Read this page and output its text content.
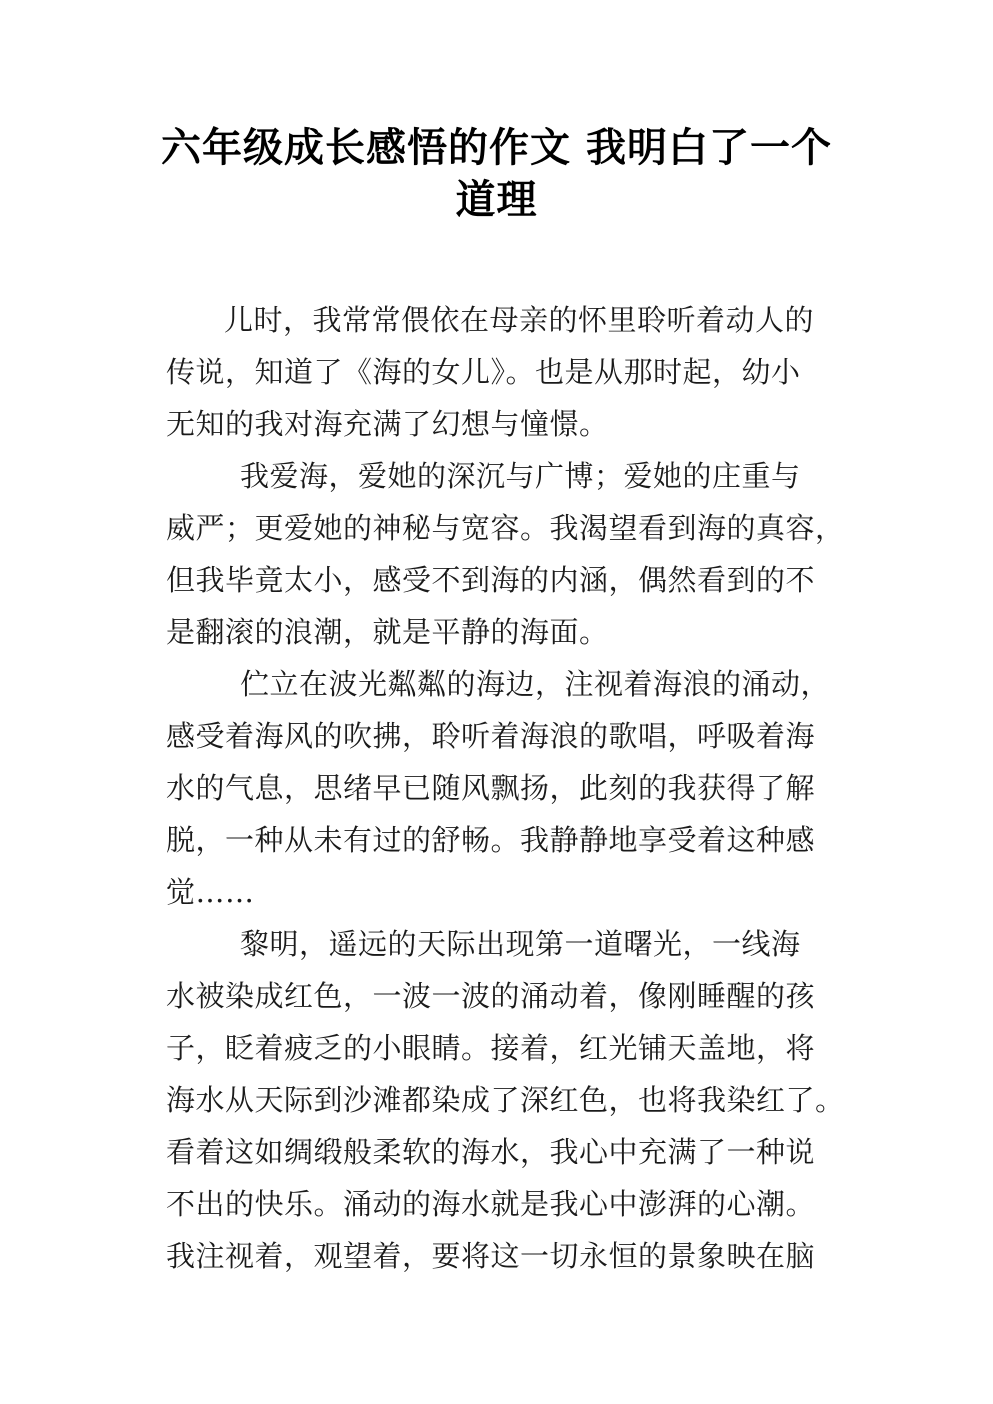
六年级成长感悟的作文 我明白了一个
道理
儿时，我常常偎依在母亲的怀里聆听着动人的
传说，知道了《海的女儿》。也是从那时起，幼小
无知的我对海充满了幻想与憧憬。
我爱海，爱她的深沉与广博；爱她的庄重与
威严；更爱她的神秘与宽容。我渴望看到海的真容，
但我毕竟太小，感受不到海的内涵，偶然看到的不
是翻滚的浪潮，就是平静的海面。
伫立在波光粼粼的海边，注视着海浪的涌动，
感受着海风的吹拂，聆听着海浪的歌唱，呼吸着海
水的气息，思绪早已随风飘扬，此刻的我获得了解
脱，一种从未有过的舒畅。我静静地享受着这种感
觉……
黎明，遥远的天际出现第一道曙光，一线海
水被染成红色，一波一波的涌动着，像刚睡醒的孩
子，眨着疲乏的小眼睛。接着，红光铺天盖地，将
海水从天际到沙滩都染成了深红色，也将我染红了。
看着这如绸缎般柔软的海水，我心中充满了一种说
不出的快乐。涌动的海水就是我心中澎湃的心潮。
我注视着，观望着，要将这一切永恒的景象映在脑
